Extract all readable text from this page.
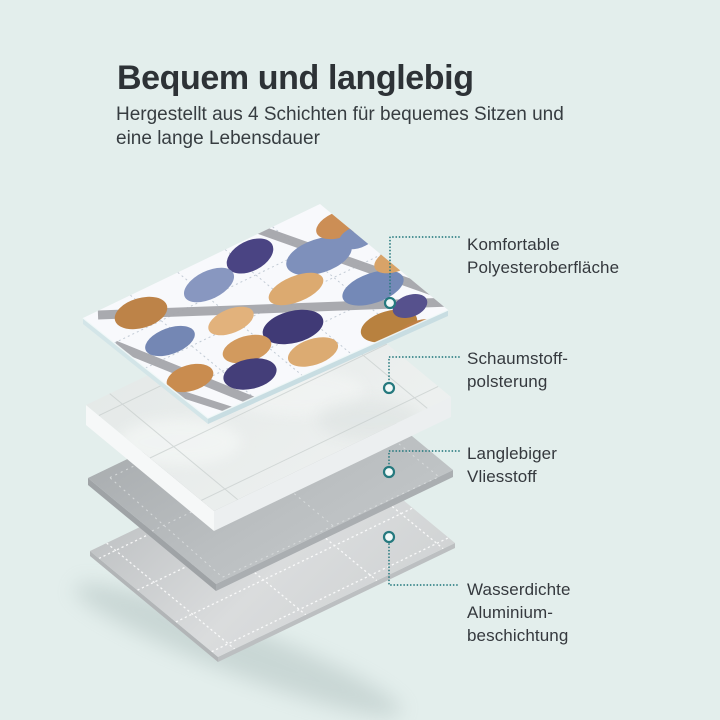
Bequem und langlebig

Hergestellt aus 4 Schichten für bequemes Sitzen und
eine lange Lebensdauer

Komfortable
Polyesteroberfläche
Schaumstoff-
polsterung
Langlebiger
Vliesstoff
Wasserdichte
Aluminium-
beschichtung
